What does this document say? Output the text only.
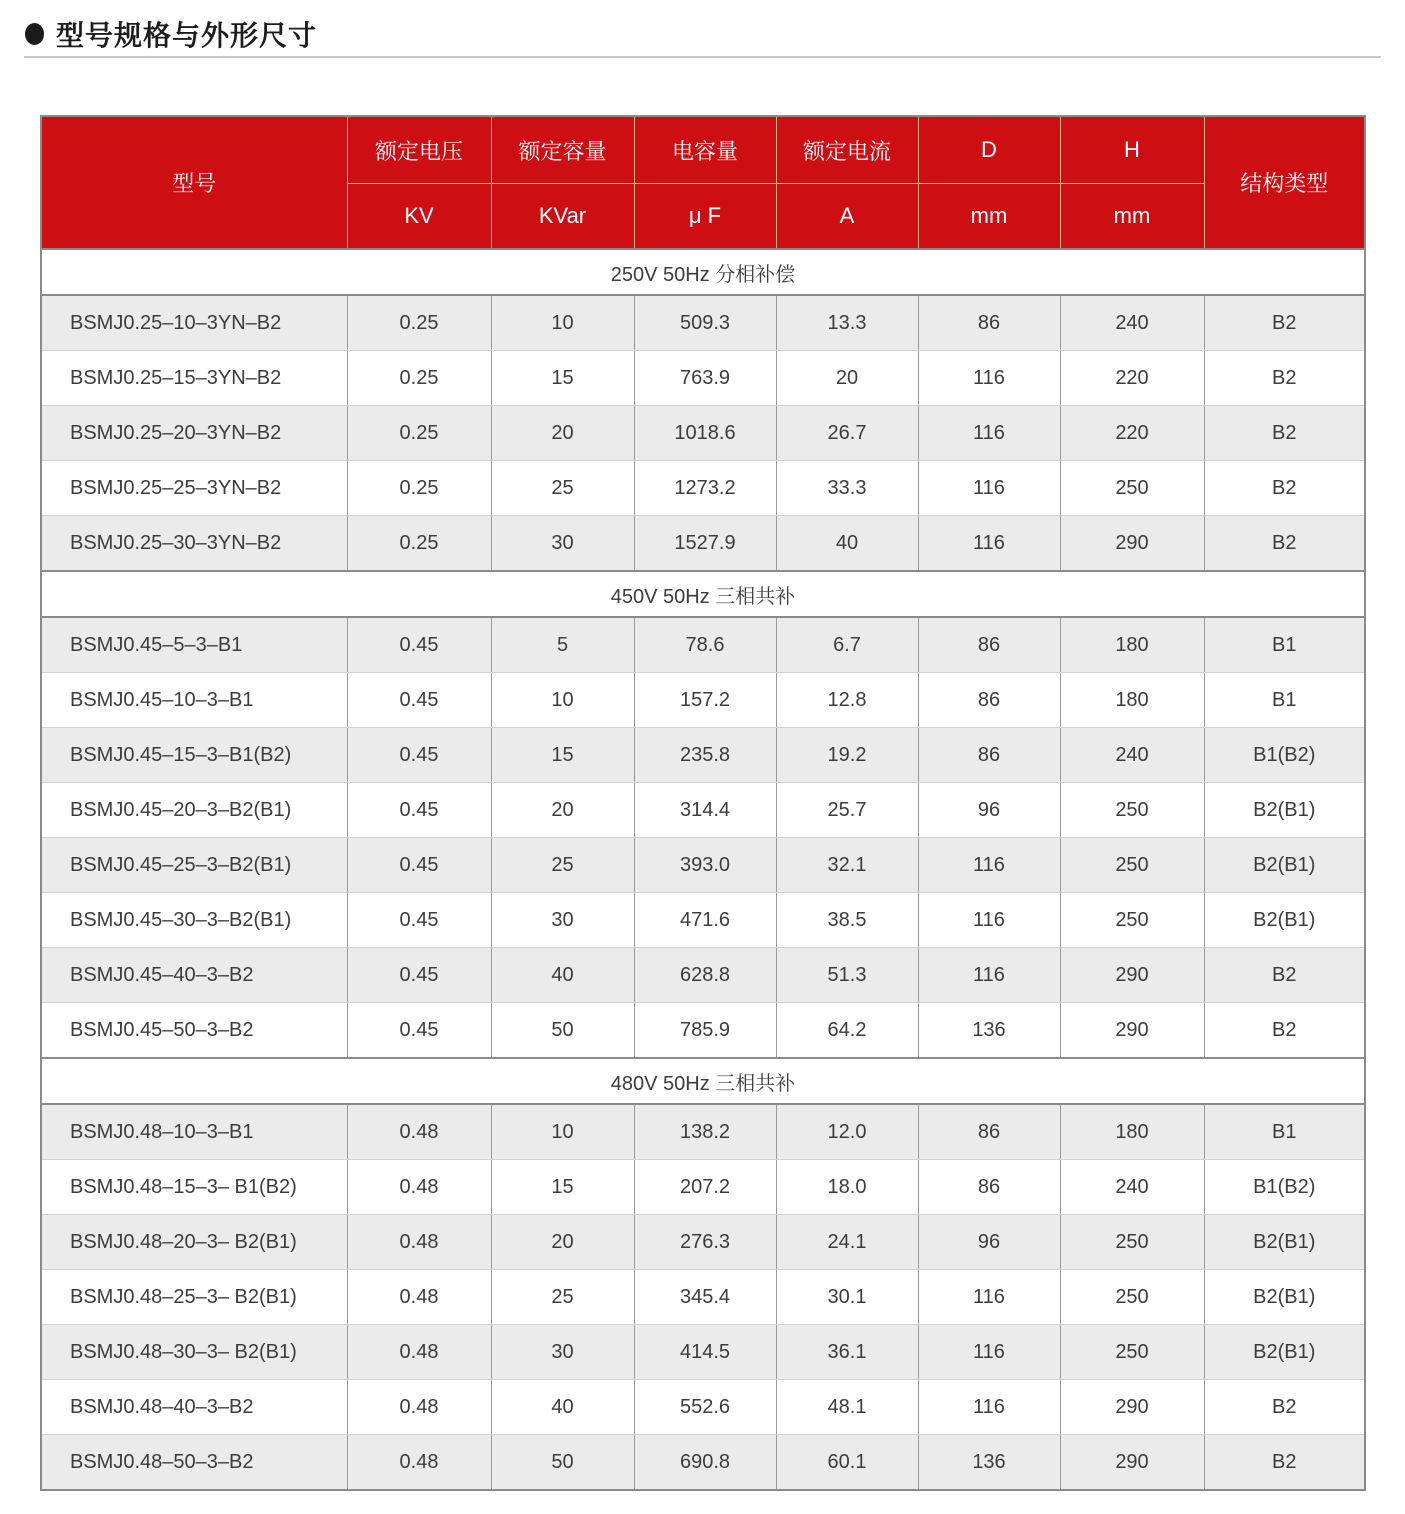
型号规格与外形尺寸
型号	额定电压	额定容量	电容量	额定电流	D	H	结构类型
	KV	KVar	μ F	A	mm	mm	
250V 50Hz 分相补偿							
BSMJ0.25–10–3YN–B2	0.25	10	509.3	13.3	86	240	B2
BSMJ0.25–15–3YN–B2	0.25	15	763.9	20	116	220	B2
BSMJ0.25–20–3YN–B2	0.25	20	1018.6	26.7	116	220	B2
BSMJ0.25–25–3YN–B2	0.25	25	1273.2	33.3	116	250	B2
BSMJ0.25–30–3YN–B2	0.25	30	1527.9	40	116	290	B2
450V 50Hz 三相共补							
BSMJ0.45–5–3–B1	0.45	5	78.6	6.7	86	180	B1
BSMJ0.45–10–3–B1	0.45	10	157.2	12.8	86	180	B1
BSMJ0.45–15–3–B1(B2)	0.45	15	235.8	19.2	86	240	B1(B2)
BSMJ0.45–20–3–B2(B1)	0.45	20	314.4	25.7	96	250	B2(B1)
BSMJ0.45–25–3–B2(B1)	0.45	25	393.0	32.1	116	250	B2(B1)
BSMJ0.45–30–3–B2(B1)	0.45	30	471.6	38.5	116	250	B2(B1)
BSMJ0.45–40–3–B2	0.45	40	628.8	51.3	116	290	B2
BSMJ0.45–50–3–B2	0.45	50	785.9	64.2	136	290	B2
480V 50Hz 三相共补							
BSMJ0.48–10–3–B1	0.48	10	138.2	12.0	86	180	B1
BSMJ0.48–15–3– B1(B2)	0.48	15	207.2	18.0	86	240	B1(B2)
BSMJ0.48–20–3– B2(B1)	0.48	20	276.3	24.1	96	250	B2(B1)
BSMJ0.48–25–3– B2(B1)	0.48	25	345.4	30.1	116	250	B2(B1)
BSMJ0.48–30–3– B2(B1)	0.48	30	414.5	36.1	116	250	B2(B1)
BSMJ0.48–40–3–B2	0.48	40	552.6	48.1	116	290	B2
BSMJ0.48–50–3–B2	0.48	50	690.8	60.1	136	290	B2
